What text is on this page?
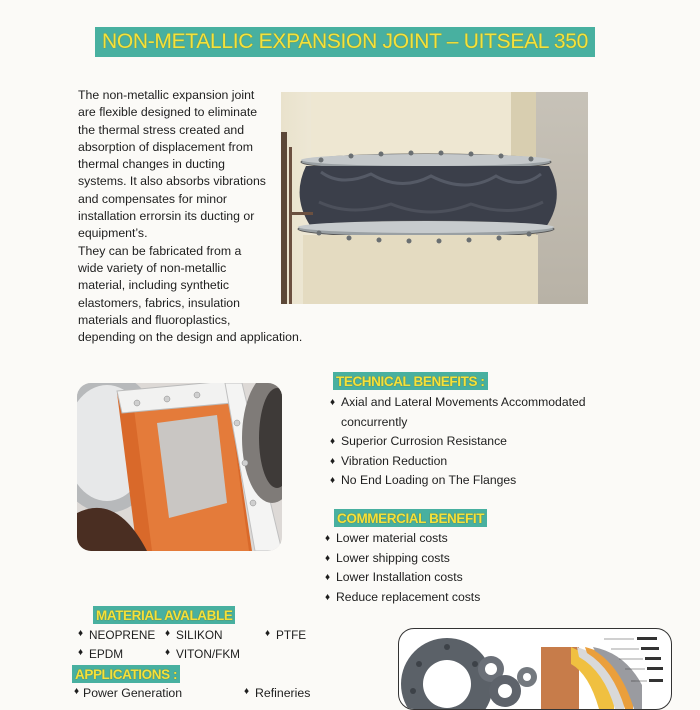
NON-METALLIC EXPANSION JOINT – UITSEAL 350

The non-metallic expansion joint
are flexible designed to eliminate
the thermal stress created and
absorption of displacement from
thermal changes in ducting
systems. It also absorbs vibrations
and compensates for minor
installation errorsin its ducting or
equipment’s.

They can be fabricated from a
wide variety of non-metallic
material, including synthetic
elastomers, fabrics, insulation
materials and fluoroplastics,
depending on the design and application.

TECHNICAL BENEFITS :
♦ Axial and Lateral Movements Accommodated
concurrently
♦ Superior Currosion Resistance
♦ Vibration Reduction
♦ No End Loading on The Flanges
COMMERCIAL BENEFIT
♦ Lower material costs
♦ Lower shipping costs
♦ Lower Installation costs
♦ Reduce replacement costs
MATERIAL AVALABLE
♦ NEOPRENE ♦ SILIKON	♦ PTFE
♦ EPDM	♦ VITON/FKM
APPLICATIONS :
♦ Power Generation	♦ Refineries
